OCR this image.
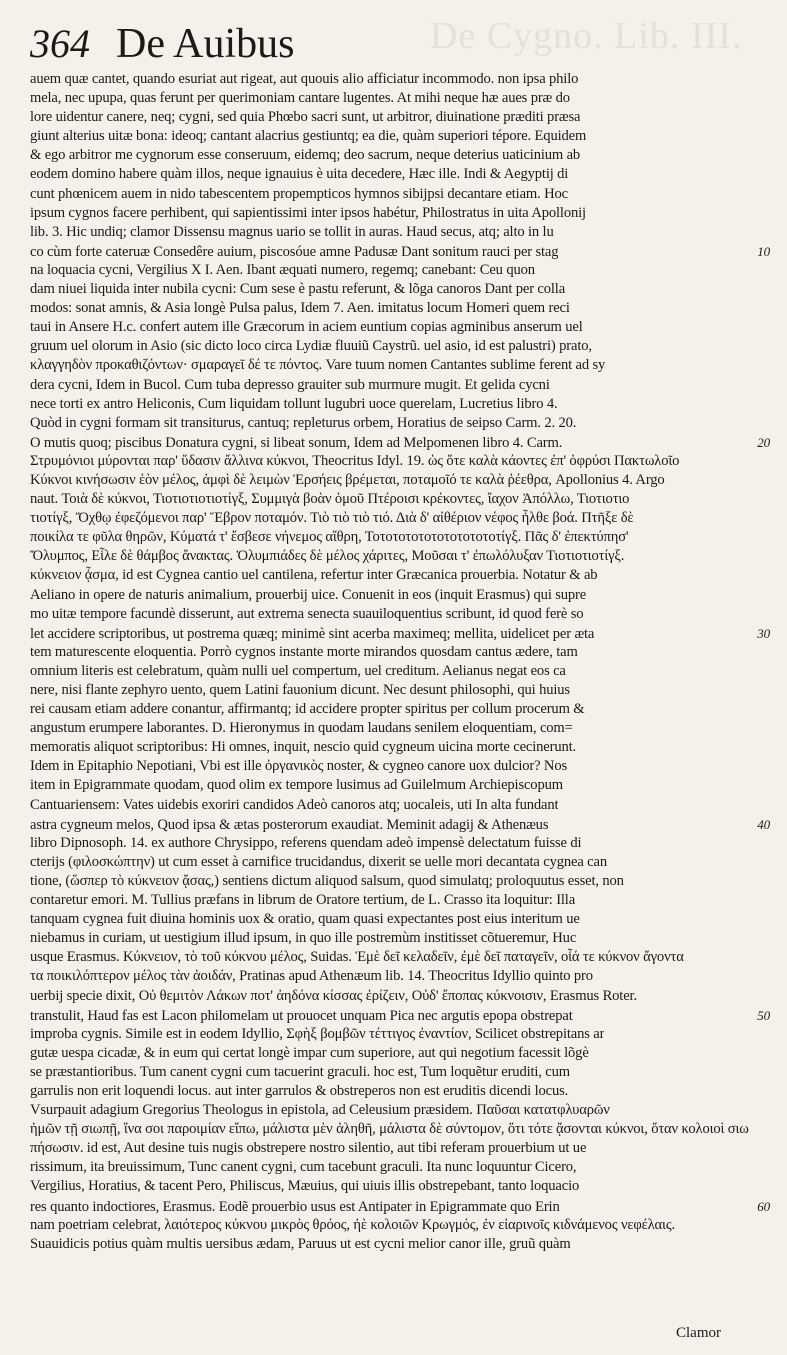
De Cygno. Lib. III.
364 De Auibus
auem quæ cantet, quando esuriat aut rigeat, aut quouis alio afficiatur incommodo. non ipsa philo
mela, nec upupa, quas ferunt per querimoniam cantare lugentes. At mihi neque hæ aues præ do
lore uidentur canere, neq; cygni, sed quia Phœbo sacri sunt, ut arbitror, diuinatione præditi præsa
giunt alterius uitæ bona: ideoq; cantant alacrius gestiuntq; ea die, quàm superiori tépore. Equidem
& ego arbitror me cygnorum esse conseruum, eidemq; deo sacrum, neque deterius uaticinium ab
eodem domino habere quàm illos, neque ignauius è uita decedere, Hæc ille. Indi & Aegyptij di
cunt phœnicem auem in nido tabescentem propempticos hymnos sibijpsi decantare etiam. Hoc
ipsum cygnos facere perhibent, qui sapientissimi inter ipsos habétur, Philostratus in uita Apollonij
lib. 3. Hic undiq; clamor Dissensu magnus uario se tollit in auras. Haud secus, atq; alto in lu
co cùm forte cateruæ Consedêre auium, piscosóue amne Padusæ Dant sonitum rauci per stag	10
na loquacia cycni, Vergilius X I. Aen. Ibant æquati numero, regemq; canebant: Ceu quon
dam niuei liquida inter nubila cycni: Cum sese è pastu referunt, & lõga canoros Dant per colla
modos: sonat amnis, & Asia longè Pulsa palus, Idem 7. Aen. imitatus locum Homeri quem reci
taui in Ansere H.c. confert autem ille Græcorum in aciem euntium copias agminibus anserum uel
gruum uel olorum in Asio (sic dicto loco circa Lydiæ fluuiũ Caystrũ. uel asio, id est palustri) prato,
κλαγγηδὸν προκαθιζόντων· σμαραγεῖ δέ τε πόντος. Vare tuum nomen Cantantes sublime ferent ad sy
dera cycni, Idem in Bucol. Cum tuba depresso grauiter sub murmure mugit. Et gelida cycni
nece torti ex antro Heliconis, Cum liquidam tollunt lugubri uoce querelam, Lucretius libro 4.
Quòd in cygni formam sit transiturus, cantuq; repleturus orbem, Horatius de seipso Carm. 2. 20.
O mutis quoq; piscibus Donatura cygni, si libeat sonum, Idem ad Melpomenen libro 4. Carm.	20
Στρυμόνιοι μύρονται παρ' ὕδασιν ἄλλινα κύκνοι, Theocritus Idyl. 19. ὡς ὅτε καλὰ κάοντες ἐπ' ὀφρύσι Πακτωλοῖο
Κύκνοι κινήσωσιν ἑὸν μέλος, ἀμφὶ δὲ λειμὼν Ἑρσήεις βρέμεται, ποταμοῖό τε καλὰ ῥέεθρα, Apollonius 4. Argo
naut. Τοιὰ δὲ κύκνοι, Τιοτιοτιοτιοτίγξ, Συμμιγὰ βοὰν ὁμοῦ Πτέροισι κρέκοντες, ἴαχον Ἀπόλλω, Τιοτιοτιο
τιοτίγξ, Ὄχθῳ ἐφεζόμενοι παρ' Ἕβρον ποταμόν. Τιὸ τιὸ τιὸ τιό. Διὰ δ' αἰθέριον νέφος ἦλθε βοά. Πτῆξε δὲ
ποικίλα τε φῦλα θηρῶν, Κύματά τ' ἔσβεσε νήνεμος αἴθρη, Τοτοτοτοτοτοτοτοτοτοτίγξ. Πᾶς δ' ἐπεκτύπησ'
Ὄλυμπος, Εἷλε δὲ θάμβος ἄνακτας. Ὀλυμπιάδες δὲ μέλος χάριτες, Μοῦσαι τ' ἐπωλόλυξαν Τιοτιοτιοτίγξ.
κύκνειον ᾆσμα, id est Cygnea cantio uel cantilena, refertur inter Græcanica prouerbia. Notatur & ab
Aeliano in opere de naturis animalium, prouerbij uice. Conuenit in eos (inquit Erasmus) qui supre
mo uitæ tempore facundè disserunt, aut extrema senecta suauiloquentius scribunt, id quod ferè so
let accidere scriptoribus, ut postrema quæq; minimè sint acerba maximeq; mellita, uidelicet per æta	30
tem maturescente eloquentia. Porrò cygnos instante morte mirandos quosdam cantus ædere, tam
omnium literis est celebratum, quàm nulli uel compertum, uel creditum. Aelianus negat eos ca
nere, nisi flante zephyro uento, quem Latini fauonium dicunt. Nec desunt philosophi, qui huius
rei causam etiam addere conantur, affirmantq; id accidere propter spiritus per collum procerum &
angustum erumpere laborantes. D. Hieronymus in quodam laudans senilem eloquentiam, com=
memoratis aliquot scriptoribus: Hi omnes, inquit, nescio quid cygneum uicina morte cecinerunt.
Idem in Epitaphio Nepotiani, Vbi est ille ὀργανικὸς noster, & cygneo canore uox dulcior? Nos
item in Epigrammate quodam, quod olim ex tempore lusimus ad Guilelmum Archiepiscopum
Cantuariensem: Vates uidebis exoriri candidos Adeò canoros atq; uocaleis, uti In alta fundant
astra cygneum melos, Quod ipsa & ætas posterorum exaudiat. Meminit adagij & Athenæus	40
libro Dipnosoph. 14. ex authore Chrysippo, referens quendam adeò impensè delectatum fuisse di
cterijs (φιλοσκώπτην) ut cum esset à carnifice trucidandus, dixerit se uelle mori decantata cygnea can
tione, (ὥσπερ τὸ κύκνειον ᾄσας,) sentiens dictum aliquod salsum, quod simulatq; proloquutus esset, non
contaretur emori. M. Tullius præfans in librum de Oratore tertium, de L. Crasso ita loquitur: Illa
tanquam cygnea fuit diuina hominis uox & oratio, quam quasi expectantes post eius interitum ue
niebamus in curiam, ut uestigium illud ipsum, in quo ille postremùm institisset cõtueremur, Huc
usque Erasmus. Κύκνειον, τὸ τοῦ κύκνου μέλος, Suidas. Ἐμὲ δεῖ κελαδεῖν, ἐμὲ δεῖ παταγεῖν, οἷά τε κύκνον ἄγοντα
τα ποικιλόπτερον μέλος τὰν ἀοιδάν, Pratinas apud Athenæum lib. 14. Theocritus Idyllio quinto pro
uerbij specie dixit, Οὐ θεμιτὸν Λάκων ποτ' ἀηδόνα κίσσας ἐρίζειν, Οὐδ' ἔποπας κύκνοισιν, Erasmus Roter.
transtulit, Haud fas est Lacon philomelam ut prouocet unquam Pica nec argutis epopa obstrepat	50
improba cygnis. Simile est in eodem Idyllio, Σφὴξ βομβῶν τέττιγος ἐναντίον, Scilicet obstrepitans ar
gutæ uespa cicadæ, & in eum qui certat longè impar cum superiore, aut qui negotium facessit lõgè
se præstantioribus. Tum canent cygni cum tacuerint graculi. hoc est, Tum loquẽtur eruditi, cum
garrulis non erit loquendi locus. aut inter garrulos & obstreperos non est eruditis dicendi locus.
Vsurpauit adagium Gregorius Theologus in epistola, ad Celeusium præsidem. Παῦσαι κατατφλυαρῶν
ἡμῶν τῇ σιωπῇ, ἵνα σοι παροιμίαν εἴπω, μάλιστα μὲν ἀληθῆ, μάλιστα δὲ σύντομον, ὅτι τότε ᾄσονται κύκνοι, ὅταν κολοιοὶ σιω
πήσωσιν. id est, Aut desine tuis nugis obstrepere nostro silentio, aut tibi referam prouerbium ut ue
rissimum, ita breuissimum, Tunc canent cygni, cum tacebunt graculi. Ita nunc loquuntur Cicero,
Vergilius, Horatius, & tacent Pero, Philiscus, Mæuius, qui uiuis illis obstrepebant, tanto loquacio
res quanto indoctiores, Erasmus. Eodẽ prouerbio usus est Antipater in Epigrammate quo Erin	60
nam poetriam celebrat, λαιότερος κύκνου μικρὸς θρόος, ἠὲ κολοιῶν Κρωγμός, ἐν εἰαρινοῖς κιδνάμενος νεφέλαις.
Suauidicis potius quàm multis uersibus ædam, Paruus ut est cycni melior canor ille, gruũ quàm
Clamor
